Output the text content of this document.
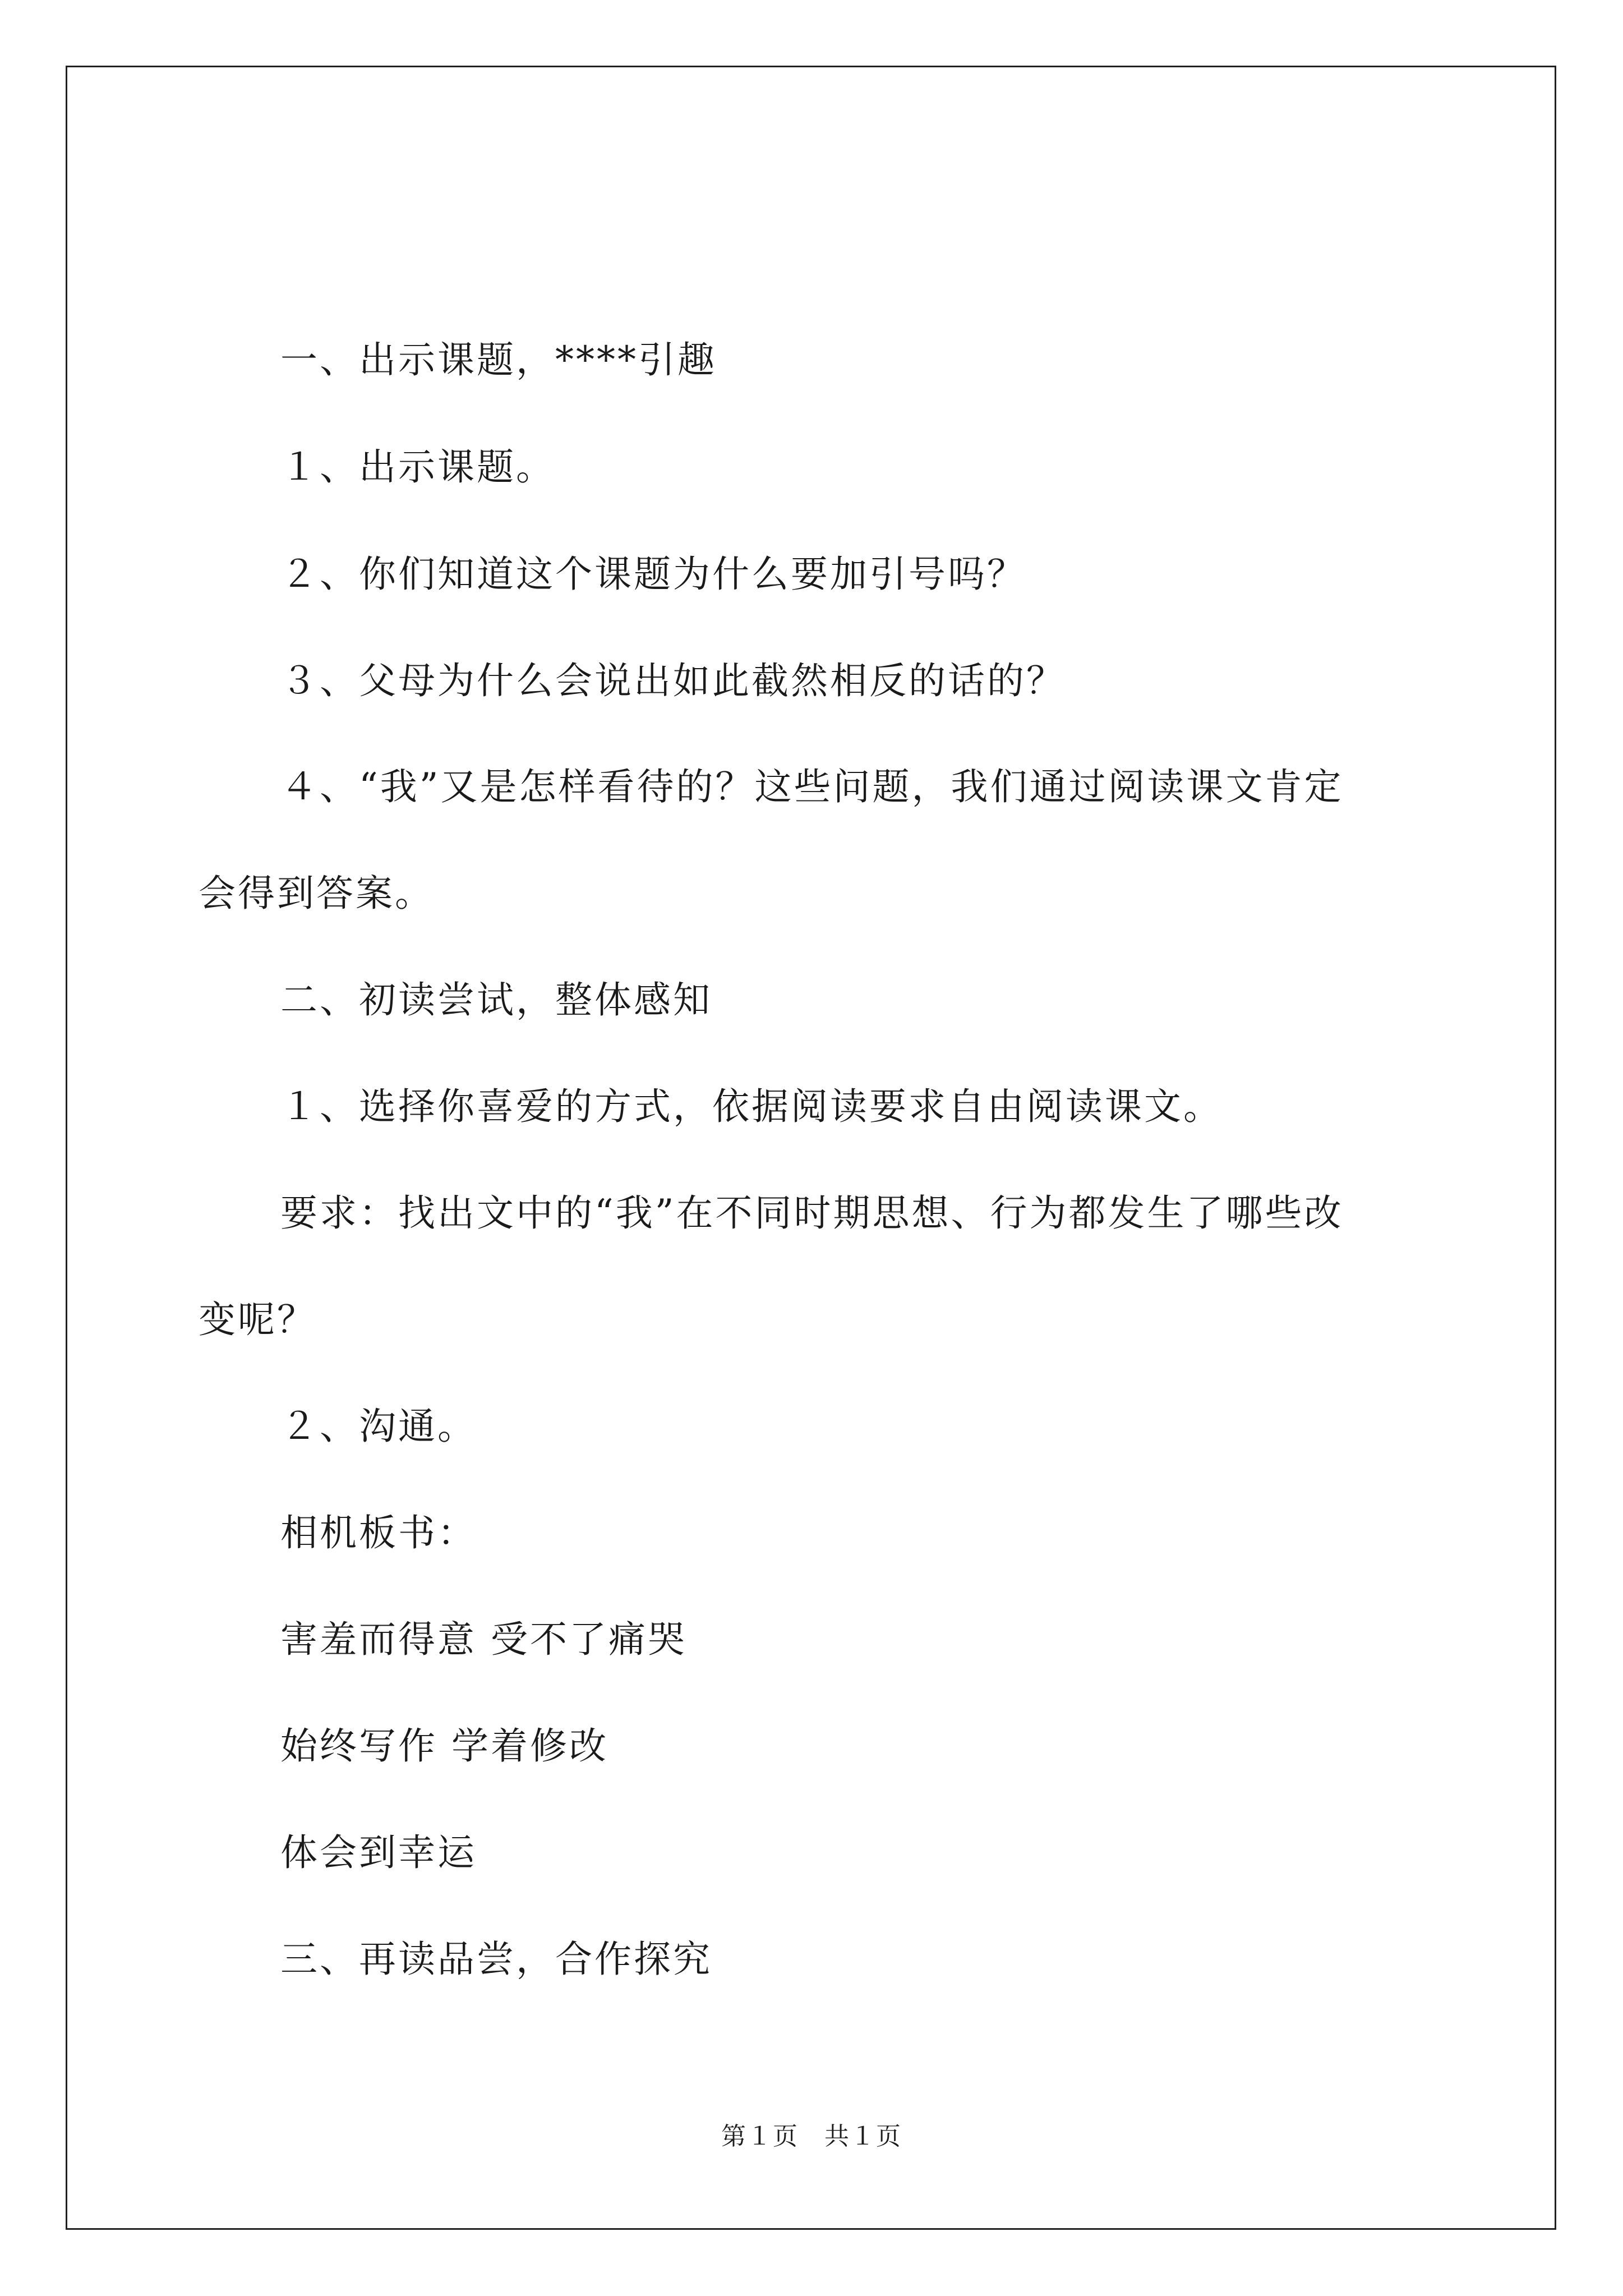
一、出示课题，****引趣
１、出示课题。
２、你们知道这个课题为什么要加引号吗？
３、父母为什么会说出如此截然相反的话的？
４、“我”又是怎样看待的？这些问题，我们通过阅读课文肯定
会得到答案。
二、初读尝试，整体感知
１、选择你喜爱的方式，依据阅读要求自由阅读课文。
要求：找出文中的“我”在不同时期思想、行为都发生了哪些改
变呢？
２、沟通。
相机板书：
害羞而得意 受不了痛哭
始终写作 学着修改
体会到幸运
三、再读品尝，合作探究
第１页　共１页
